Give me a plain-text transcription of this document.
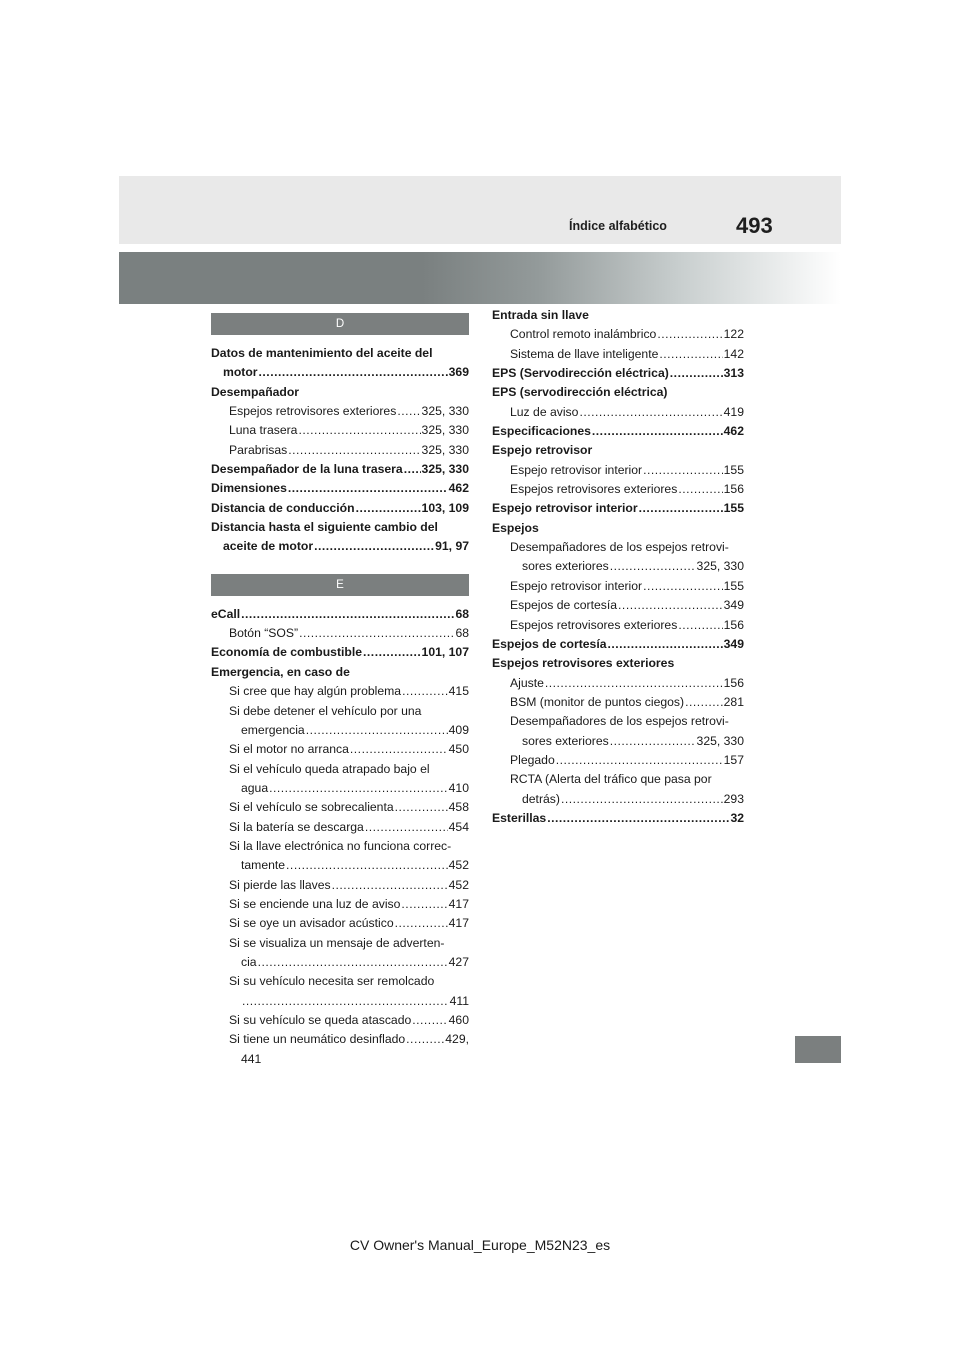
Índice alfabético	493
D
Datos de mantenimiento del aceite del
motor .....	369
Desempañador
Espejos retrovisores exteriores ..... 325, 330
Luna trasera .....	325, 330
Parabrisas .....	325, 330
Desempañador de la luna trasera ..... 325, 330
Dimensiones .....	462
Distancia de conducción .....	103, 109
Distancia hasta el siguiente cambio del
aceite de motor .....	91, 97
E
eCall .....	68
Botón “SOS” .....	68
Economía de combustible .....	101, 107
Emergencia, en caso de
Si cree que hay algún problema .....	415
Si debe detener el vehículo por una
emergencia .....	409
Si el motor no arranca .....	450
Si el vehículo queda atrapado bajo el
agua .....	410
Si el vehículo se sobrecalienta .....	458
Si la batería se descarga .....	454
Si la llave electrónica no funciona correc-
tamente .....	452
Si pierde las llaves .....	452
Si se enciende una luz de aviso .....	417
Si se oye un avisador acústico .....	417
Si se visualiza un mensaje de adverten-
cia .....	427
Si su vehículo necesita ser remolcado
.....
411
Si su vehículo se queda atascado .....	460
Si tiene un neumático desinflado .....	429,
441
Entrada sin llave
Control remoto inalámbrico .....	122
Sistema de llave inteligente .....	142
EPS (Servodirección eléctrica) .....	313
EPS (servodirección eléctrica)
Luz de aviso .....	419
Especificaciones .....	462
Espejo retrovisor
Espejo retrovisor interior .....	155
Espejos retrovisores exteriores .....	156
Espejo retrovisor interior .....	155
Espejos
Desempañadores de los espejos retrovi-
sores exteriores .....	325, 330
Espejo retrovisor interior .....	155
Espejos de cortesía .....	349
Espejos retrovisores exteriores .....	156
Espejos de cortesía .....	349
Espejos retrovisores exteriores
Ajuste .....	156
BSM (monitor de puntos ciegos) .....	281
Desempañadores de los espejos retrovi-
sores exteriores .....	325, 330
Plegado .....	157
RCTA (Alerta del tráfico que pasa por
detrás) .....	293
Esterillas .....	32
CV Owner's Manual_Europe_M52N23_es
